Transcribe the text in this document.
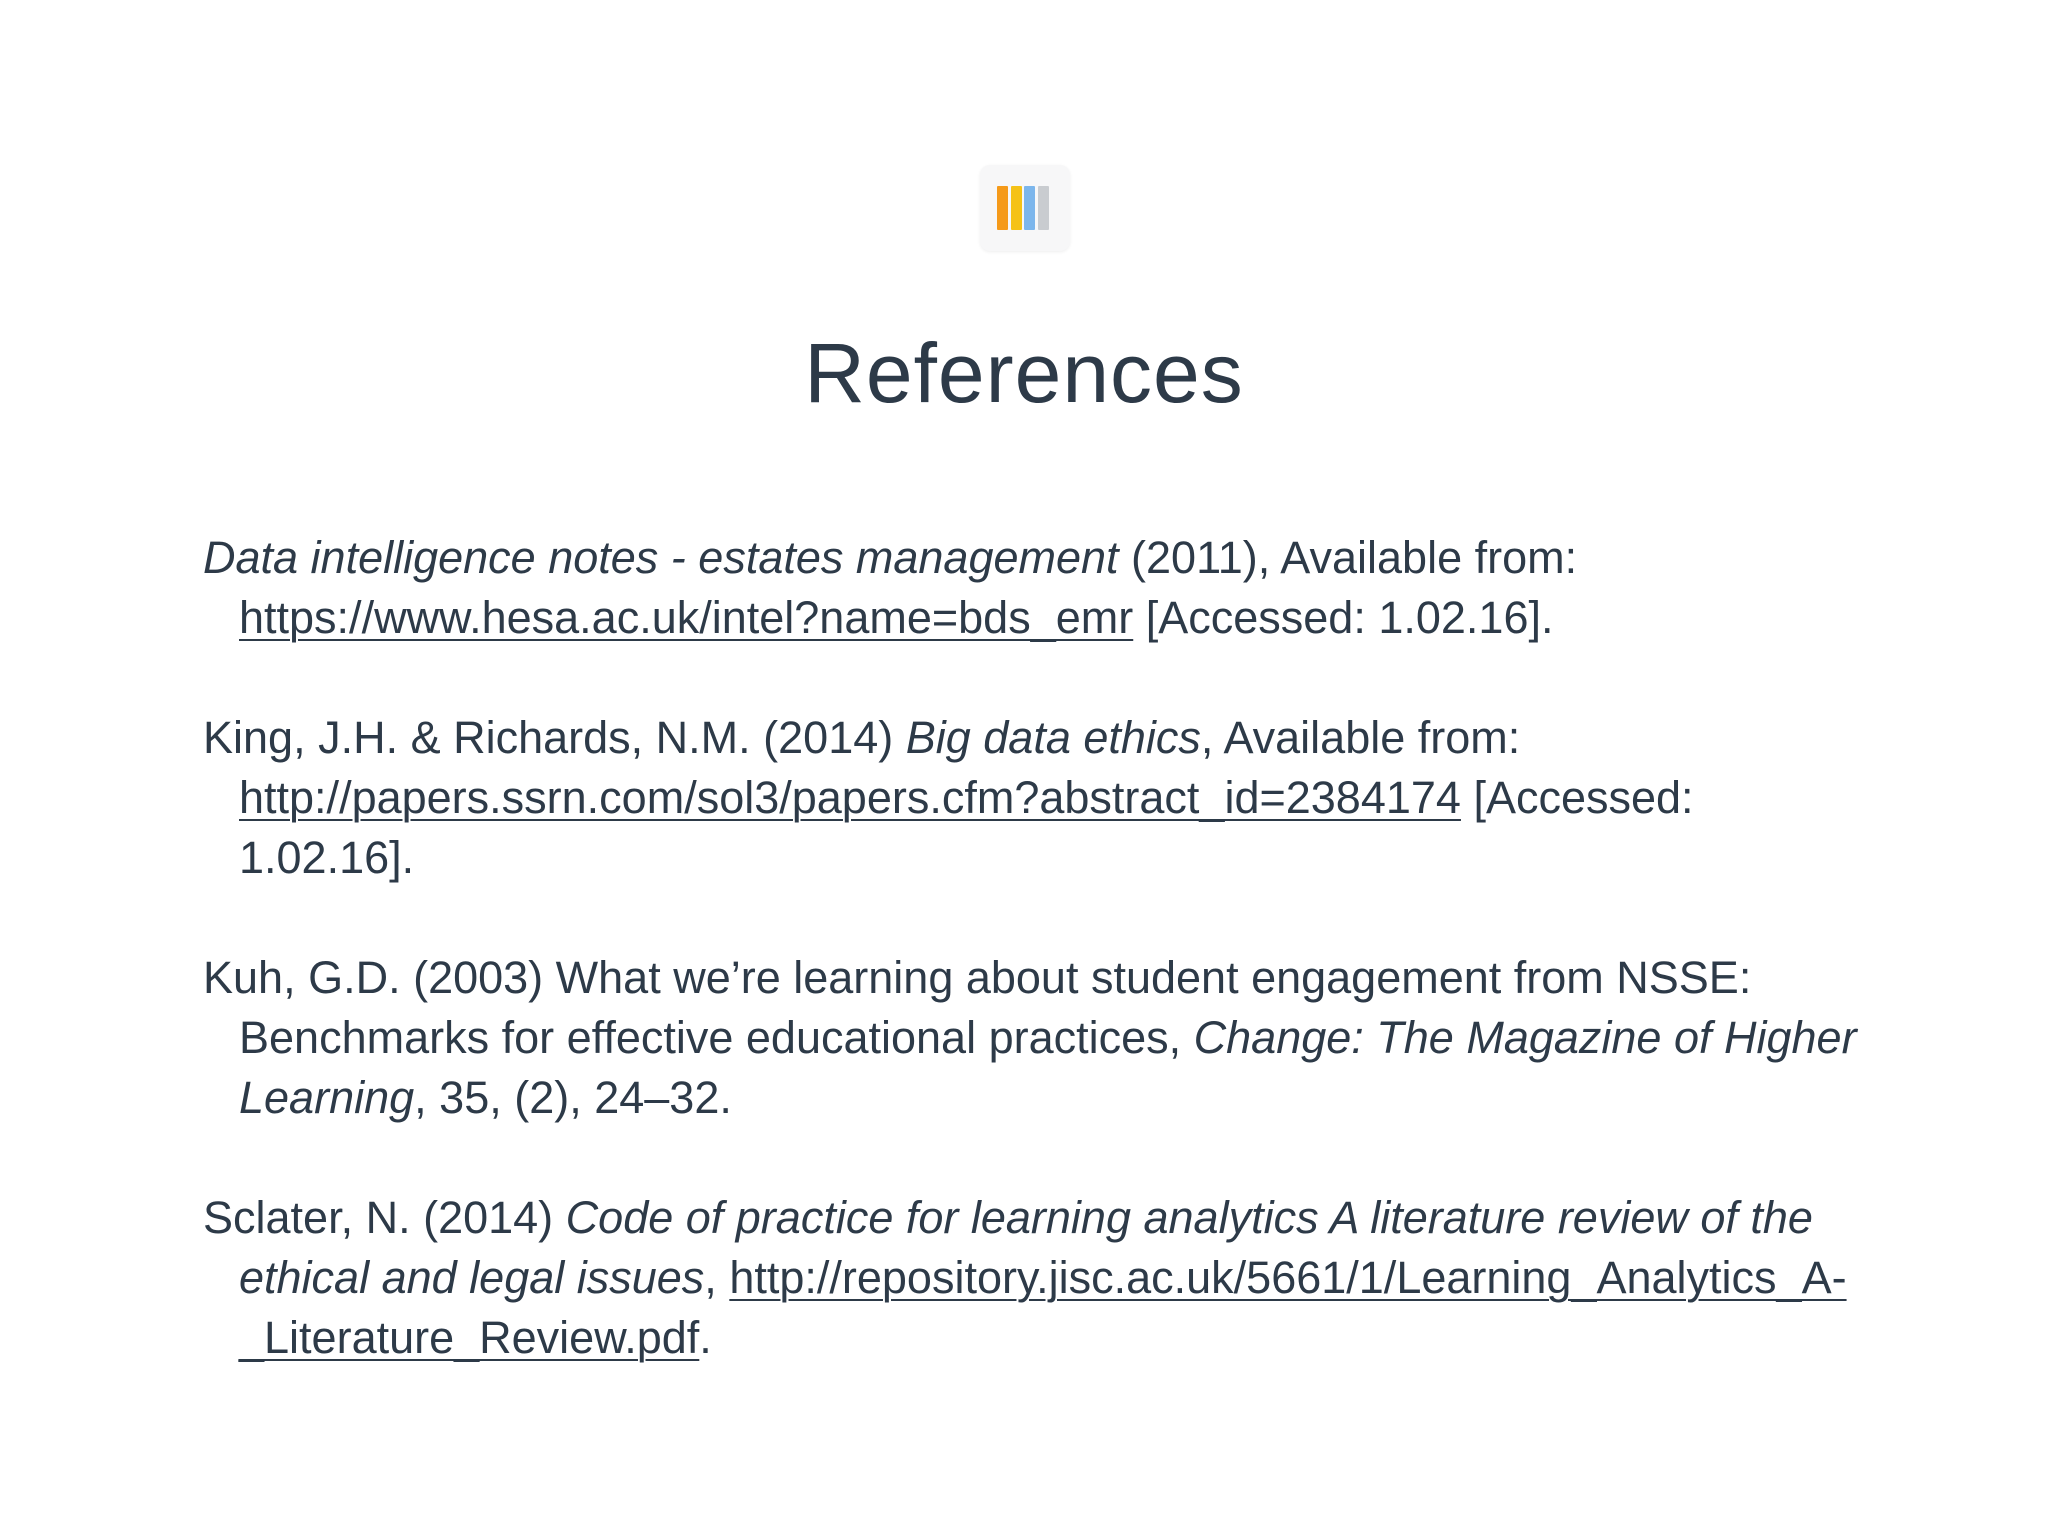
References

Data intelligence notes - estates management (2011), Available from: https://www.hesa.ac.uk/intel?name=bds_emr [Accessed: 1.02.16].

King, J.H. & Richards, N.M. (2014) Big data ethics, Available from: http://papers.ssrn.com/sol3/papers.cfm?abstract_id=2384174 [Accessed: 1.02.16].

Kuh, G.D. (2003) What we’re learning about student engagement from NSSE: Benchmarks for effective educational practices, Change: The Magazine of Higher Learning, 35, (2), 24–32.

Sclater, N. (2014) Code of practice for learning analytics A literature review of the ethical and legal issues, http://repository.jisc.ac.uk/5661/1/Learning_Analytics_A-_Literature_Review.pdf.
